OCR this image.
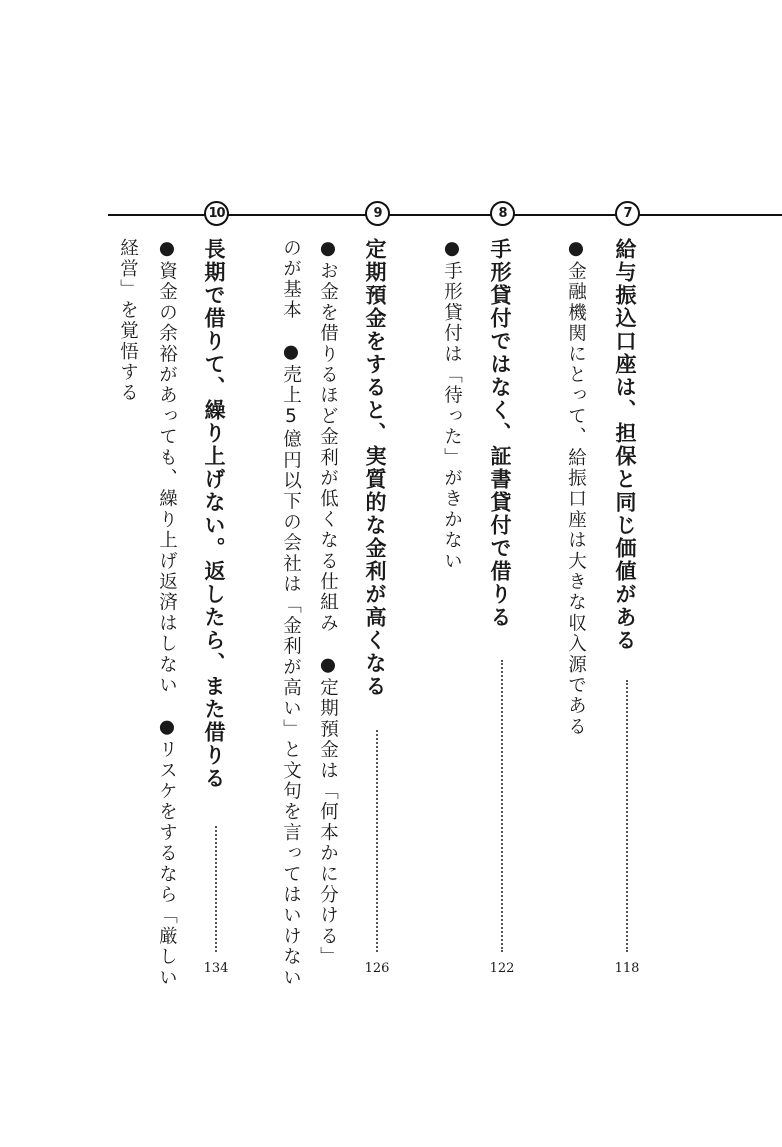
7
給与振込口座は、担保と同じ価値がある
118
●金融機関にとって、給振口座は大きな収入源である
8
手形貸付ではなく、証書貸付で借りる
122
●手形貸付は「待った」がきかない
9
定期預金をすると、実質的な金利が高くなる
126
●お金を借りるほど金利が低くなる仕組み　●定期預金は「何本かに分ける」
のが基本　●売上5億円以下の会社は「金利が高い」と文句を言ってはいけない
10
長期で借りて、繰り上げない。返したら、また借りる
134
●資金の余裕があっても、繰り上げ返済はしない　●リスケをするなら「厳しい
経営」を覚悟する
